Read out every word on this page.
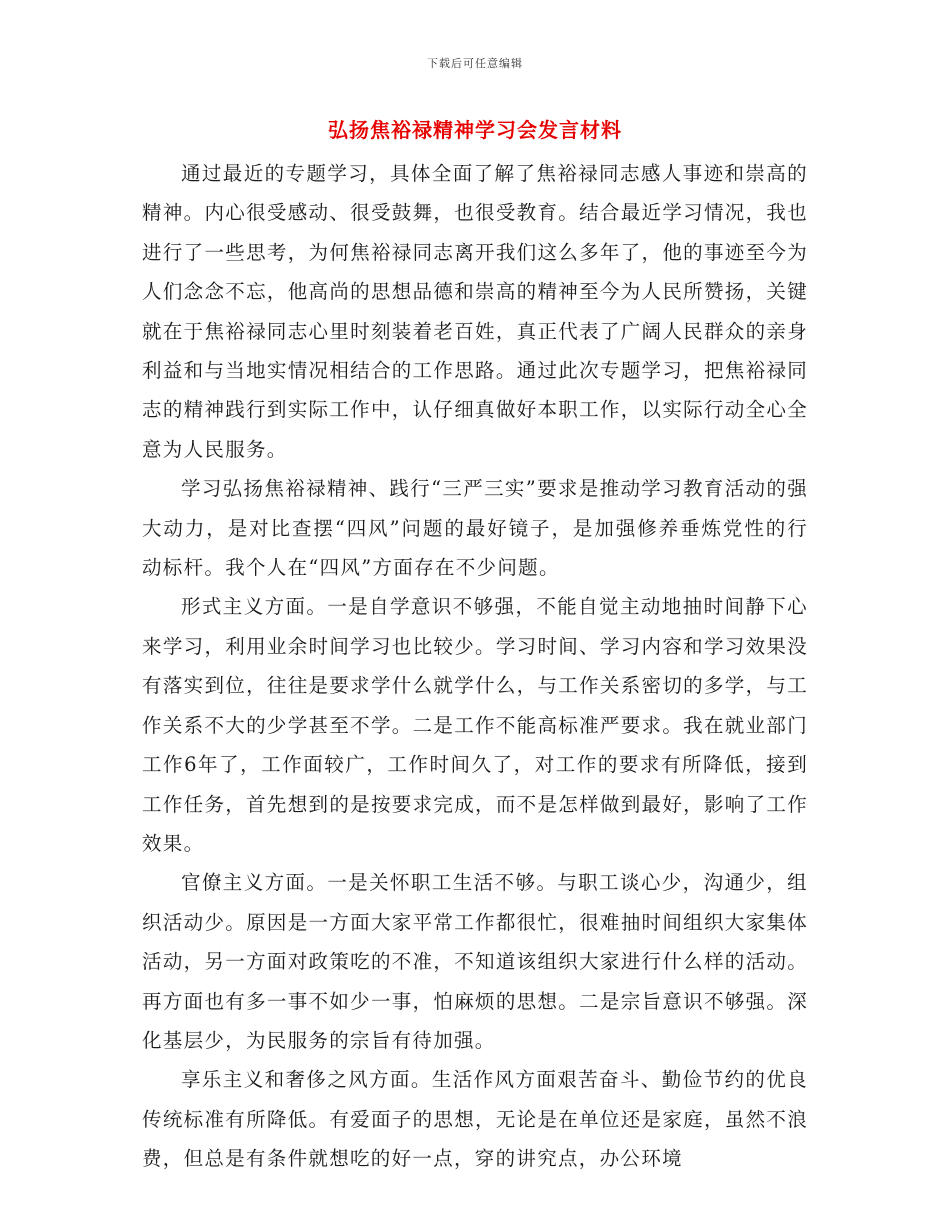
下载后可任意编辑
弘扬焦裕禄精神学习会发言材料

通过最近的专题学习，具体全面了解了焦裕禄同志感人事迹和崇高的精神。内心很受感动、很受鼓舞，也很受教育。结合最近学习情况，我也进行了一些思考，为何焦裕禄同志离开我们这么多年了，他的事迹至今为人们念念不忘，他高尚的思想品德和崇高的精神至今为人民所赞扬，关键就在于焦裕禄同志心里时刻装着老百姓，真正代表了广阔人民群众的亲身利益和与当地实情况相结合的工作思路。通过此次专题学习，把焦裕禄同志的精神践行到实际工作中，认仔细真做好本职工作，以实际行动全心全意为人民服务。

学习弘扬焦裕禄精神、践行“三严三实”要求是推动学习教育活动的强大动力，是对比查摆“四风”问题的最好镜子，是加强修养垂炼党性的行动标杆。我个人在“四风”方面存在不少问题。

形式主义方面。一是自学意识不够强，不能自觉主动地抽时间静下心来学习，利用业余时间学习也比较少。学习时间、学习内容和学习效果没有落实到位，往往是要求学什么就学什么，与工作关系密切的多学，与工作关系不大的少学甚至不学。二是工作不能高标准严要求。我在就业部门工作6年了，工作面较广，工作时间久了，对工作的要求有所降低，接到工作任务，首先想到的是按要求完成，而不是怎样做到最好，影响了工作效果。

官僚主义方面。一是关怀职工生活不够。与职工谈心少，沟通少，组织活动少。原因是一方面大家平常工作都很忙，很难抽时间组织大家集体活动，另一方面对政策吃的不准，不知道该组织大家进行什么样的活动。再方面也有多一事不如少一事，怕麻烦的思想。二是宗旨意识不够强。深化基层少，为民服务的宗旨有待加强。

享乐主义和奢侈之风方面。生活作风方面艰苦奋斗、勤俭节约的优良传统标准有所降低。有爱面子的思想，无论是在单位还是家庭，虽然不浪费，但总是有条件就想吃的好一点，穿的讲究点，办公环境
